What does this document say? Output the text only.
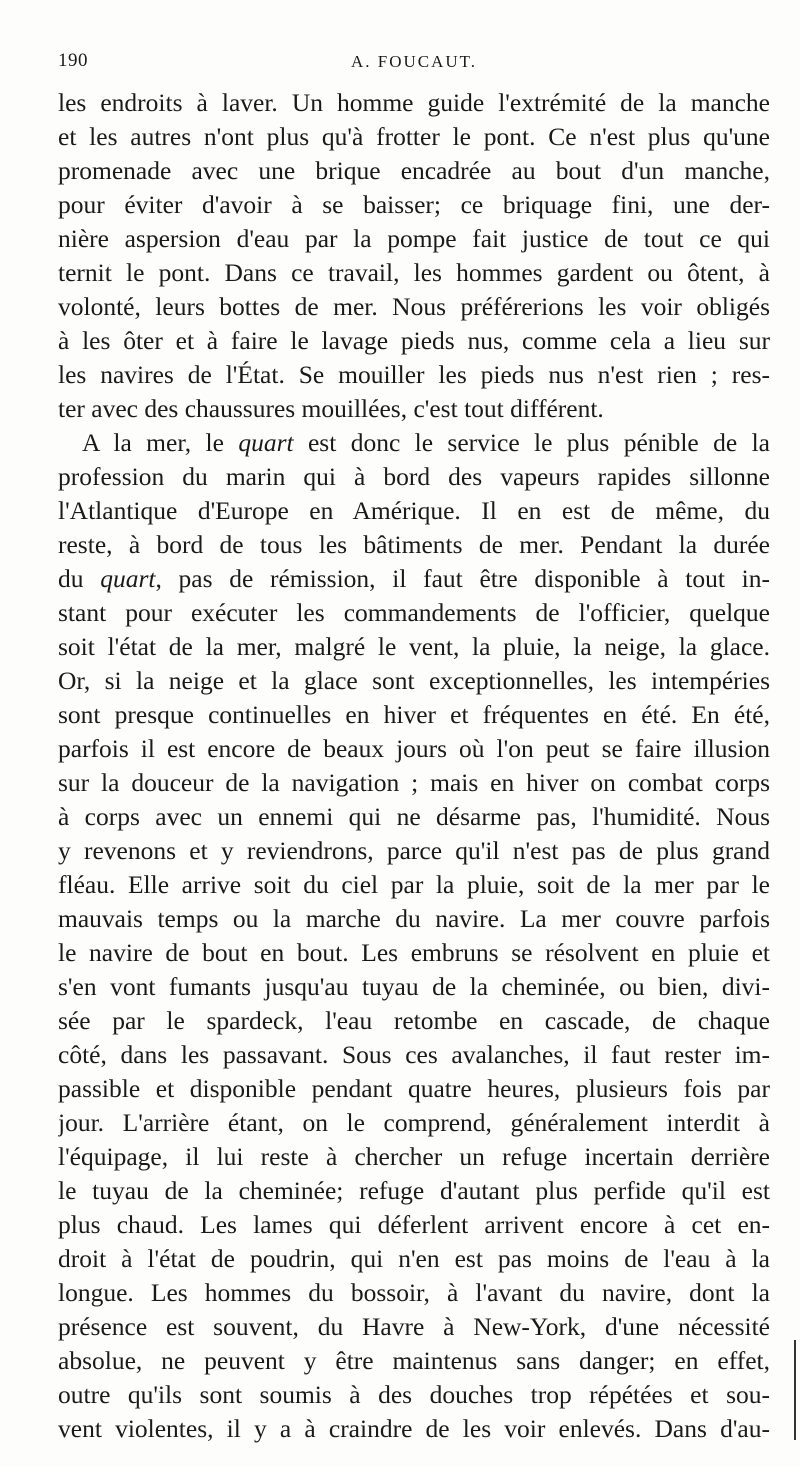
190	A. FOUCAUT.
les endroits à laver. Un homme guide l'extrémité de la manche
et les autres n'ont plus qu'à frotter le pont. Ce n'est plus qu'une
promenade avec une brique encadrée au bout d'un manche,
pour éviter d'avoir à se baisser; ce briquage fini, une der-
nière aspersion d'eau par la pompe fait justice de tout ce qui
ternit le pont. Dans ce travail, les hommes gardent ou ôtent, à
volonté, leurs bottes de mer. Nous préférerions les voir obligés
à les ôter et à faire le lavage pieds nus, comme cela a lieu sur
les navires de l'État. Se mouiller les pieds nus n'est rien ; res-
ter avec des chaussures mouillées, c'est tout différent.
A la mer, le quart est donc le service le plus pénible de la
profession du marin qui à bord des vapeurs rapides sillonne
l'Atlantique d'Europe en Amérique. Il en est de même, du
reste, à bord de tous les bâtiments de mer. Pendant la durée
du quart, pas de rémission, il faut être disponible à tout in-
stant pour exécuter les commandements de l'officier, quelque
soit l'état de la mer, malgré le vent, la pluie, la neige, la glace.
Or, si la neige et la glace sont exceptionnelles, les intempéries
sont presque continuelles en hiver et fréquentes en été. En été,
parfois il est encore de beaux jours où l'on peut se faire illusion
sur la douceur de la navigation ; mais en hiver on combat corps
à corps avec un ennemi qui ne désarme pas, l'humidité. Nous
y revenons et y reviendrons, parce qu'il n'est pas de plus grand
fléau. Elle arrive soit du ciel par la pluie, soit de la mer par le
mauvais temps ou la marche du navire. La mer couvre parfois
le navire de bout en bout. Les embruns se résolvent en pluie et
s'en vont fumants jusqu'au tuyau de la cheminée, ou bien, divi-
sée par le spardeck, l'eau retombe en cascade, de chaque
côté, dans les passavant. Sous ces avalanches, il faut rester im-
passible et disponible pendant quatre heures, plusieurs fois par
jour. L'arrière étant, on le comprend, généralement interdit à
l'équipage, il lui reste à chercher un refuge incertain derrière
le tuyau de la cheminée; refuge d'autant plus perfide qu'il est
plus chaud. Les lames qui déferlent arrivent encore à cet en-
droit à l'état de poudrin, qui n'en est pas moins de l'eau à la
longue. Les hommes du bossoir, à l'avant du navire, dont la
présence est souvent, du Havre à New-York, d'une nécessité
absolue, ne peuvent y être maintenus sans danger; en effet,
outre qu'ils sont soumis à des douches trop répétées et sou-
vent violentes, il y a à craindre de les voir enlevés. Dans d'au-
